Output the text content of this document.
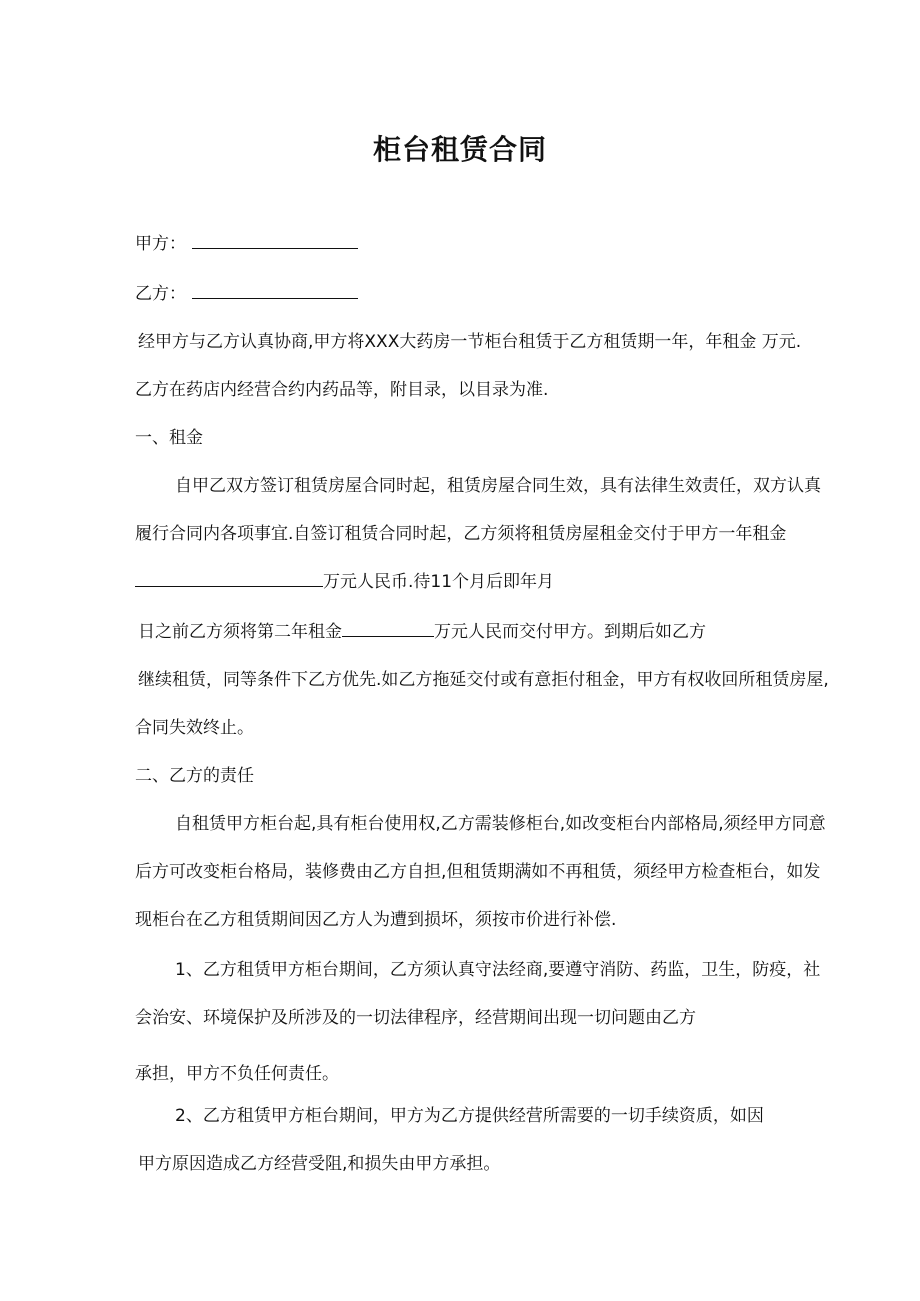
柜台租赁合同
甲方：
乙方：
经甲方与乙方认真协商,甲方将XXX大药房一节柜台租赁于乙方租赁期一年，年租金 万元.
乙方在药店内经营合约内药品等，附目录，以目录为准.
一、租金
自甲乙双方签订租赁房屋合同时起，租赁房屋合同生效，具有法律生效责任，双方认真
履行合同内各项事宜.自签订租赁合同时起，乙方须将租赁房屋租金交付于甲方一年租金
万元人民币.待11个月后即年月
日之前乙方须将第二年租金	万元人民而交付甲方。到期后如乙方
继续租赁，同等条件下乙方优先.如乙方拖延交付或有意拒付租金，甲方有权收回所租赁房屋,
合同失效终止。
二、乙方的责任
自租赁甲方柜台起,具有柜台使用权,乙方需装修柜台,如改变柜台内部格局,须经甲方同意
后方可改变柜台格局，装修费由乙方自担,但租赁期满如不再租赁，须经甲方检查柜台，如发
现柜台在乙方租赁期间因乙方人为遭到损坏，须按市价进行补偿.
1、乙方租赁甲方柜台期间，乙方须认真守法经商,要遵守消防、药监，卫生，防疫，社
会治安、环境保护及所涉及的一切法律程序，经营期间出现一切问题由乙方
承担，甲方不负任何责任。
2、乙方租赁甲方柜台期间，甲方为乙方提供经营所需要的一切手续资质，如因
甲方原因造成乙方经营受阻,和损失由甲方承担。
